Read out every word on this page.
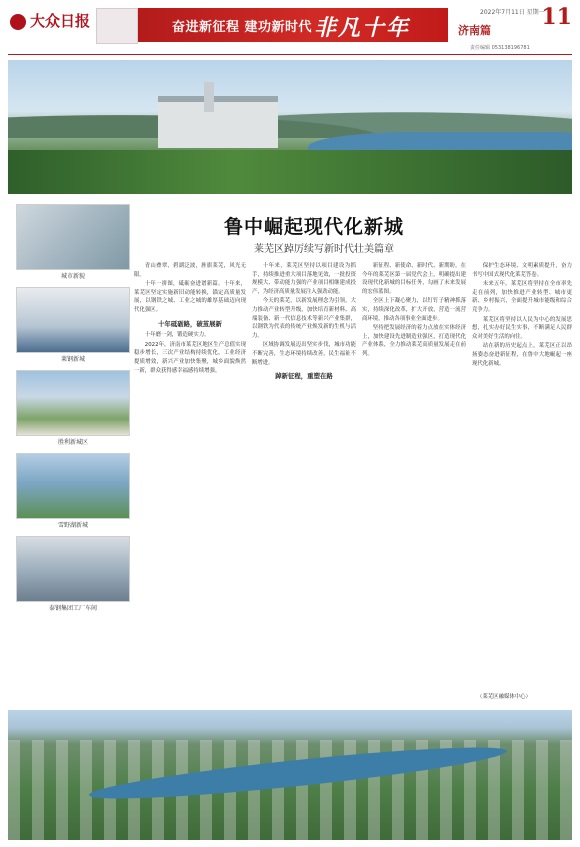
大众日报	奋进新征程 建功新时代 非凡十年
2022年7月11日 星期一
济南篇
11
责任编辑 053138196781
城市新貌
莱钢新城
胜利新城区
雪野湖新城
泰钢集团工厂车间
鲁中崛起现代化新城
莱芜区踔厉续写新时代壮美篇章

青山叠翠，碧湖泛波，旌旗莱芜，风光无限。

十年一拼图，砥砺奋进谱新篇。十年来，莱芜区坚定实施新旧动能转换，锚定高质量发展，以钢铁之城、工业之城的雄厚基础迈向现代化强区。

十年砥砺路，破茧展新

十年磨一剑，锻造硬实力。

2022年，济南市莱芜区地区生产总值实现稳步增长，三次产业结构持续优化，工业经济提质增效，新兴产业加快集聚，城乡面貌焕然一新，群众获得感幸福感持续增强。

十年来，莱芜区坚持以项目建设为抓手，持续推进重大项目落地见效，一批投资规模大、带动能力强的产业项目相继建成投产，为经济高质量发展注入强劲动能。

今天的莱芜，以新发展理念为引领，大力推动产业转型升级，加快培育新材料、高端装备、新一代信息技术等新兴产业集群，以钢铁为代表的传统产业焕发新的生机与活力。

区域协调发展迈出坚实步伐，城市功能不断完善，生态环境持续改善，民生福祉不断增进。

踔新征程，重塑在路

新征程、新使命、新时代、新期盼。在今年的莱芜区第一届党代会上，明确提出建设现代化新城的目标任务，勾画了未来发展的宏伟蓝图。

全区上下凝心聚力，以钉钉子精神抓落实，持续深化改革，扩大开放，营造一流营商环境，推动各项事业全面进步。

坚持把发展经济的着力点放在实体经济上，加快建设先进制造业强区，打造现代化产业体系，全力推动莱芜高质量发展走在前列。

保护生态环境、文明素质提升，奋力书写中国式现代化莱芜答卷。

未来五年，莱芜区将坚持在全市率先走在前列，加快推进产业转型、城市更新、乡村振兴，全面提升城市能级和综合竞争力。

莱芜区将坚持以人民为中心的发展思想，扎实办好民生实事，不断满足人民群众对美好生活的向往。

站在新的历史起点上，莱芜区正以昂扬姿态奋进新征程，在鲁中大地崛起一座现代化新城。

（莱芜区融媒体中心）
